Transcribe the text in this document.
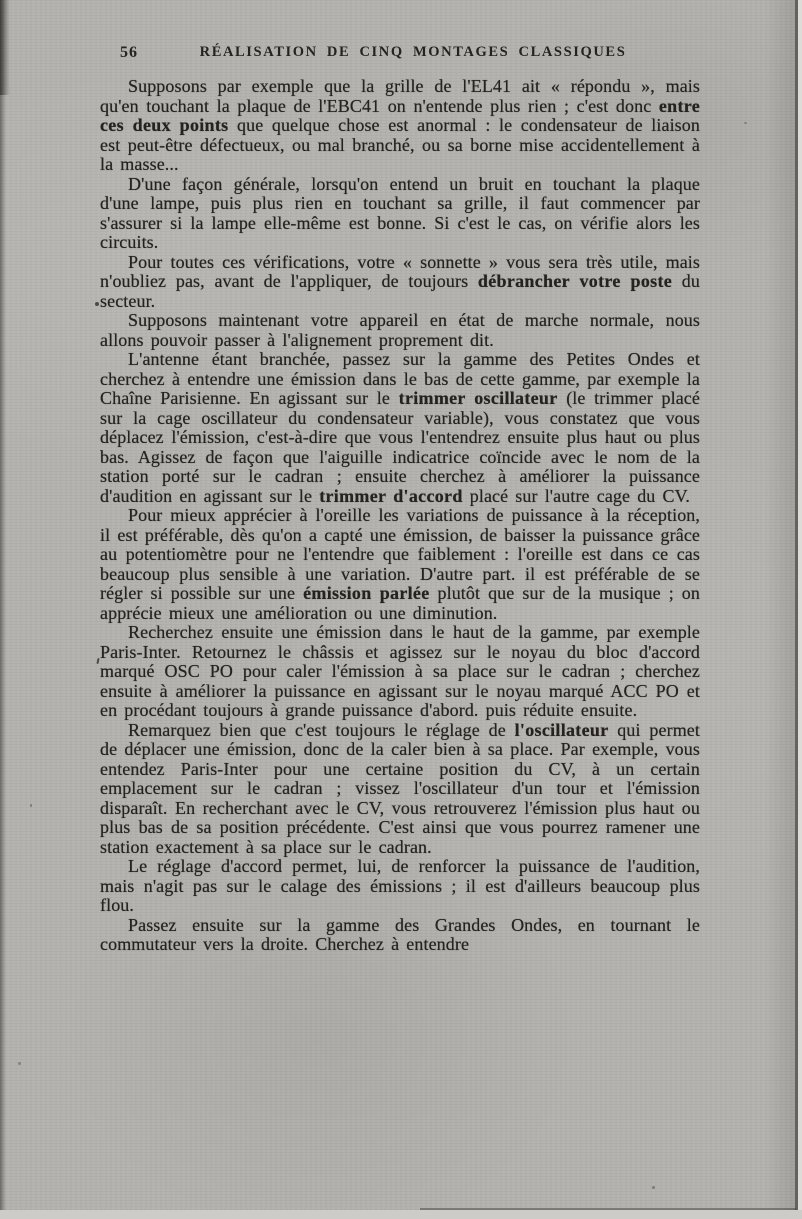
56	RÉALISATION DE CINQ MONTAGES CLASSIQUES

Supposons par exemple que la grille de l'EL41 ait « répondu », mais qu'en touchant la plaque de l'EBC41 on n'entende plus rien ; c'est donc entre ces deux points que quelque chose est anormal : le condensateur de liaison est peut-être défectueux, ou mal branché, ou sa borne mise accidentellement à la masse...

D'une façon générale, lorsqu'on entend un bruit en touchant la plaque d'une lampe, puis plus rien en touchant sa grille, il faut commencer par s'assurer si la lampe elle-même est bonne. Si c'est le cas, on vérifie alors les circuits.

Pour toutes ces vérifications, votre « sonnette » vous sera très utile, mais n'oubliez pas, avant de l'appliquer, de toujours débrancher votre poste du secteur.

Supposons maintenant votre appareil en état de marche normale, nous allons pouvoir passer à l'alignement proprement dit.

L'antenne étant branchée, passez sur la gamme des Petites Ondes et cherchez à entendre une émission dans le bas de cette gamme, par exemple la Chaîne Parisienne. En agissant sur le trimmer oscillateur (le trimmer placé sur la cage oscillateur du condensateur variable), vous constatez que vous déplacez l'émission, c'est-à-dire que vous l'entendrez ensuite plus haut ou plus bas. Agissez de façon que l'aiguille indicatrice coïncide avec le nom de la station porté sur le cadran ; ensuite cherchez à améliorer la puissance d'audition en agissant sur le trimmer d'accord placé sur l'autre cage du CV.

Pour mieux apprécier à l'oreille les variations de puissance à la réception, il est préférable, dès qu'on a capté une émission, de baisser la puissance grâce au potentiomètre pour ne l'entendre que faiblement : l'oreille est dans ce cas beaucoup plus sensible à une variation. D'autre part. il est préférable de se régler si possible sur une émission parlée plutôt que sur de la musique ; on apprécie mieux une amélioration ou une diminution.

Recherchez ensuite une émission dans le haut de la gamme, par exemple Paris-Inter. Retournez le châssis et agissez sur le noyau du bloc d'accord marqué OSC PO pour caler l'émission à sa place sur le cadran ; cherchez ensuite à améliorer la puissance en agissant sur le noyau marqué ACC PO et en procédant toujours à grande puissance d'abord. puis réduite ensuite.

Remarquez bien que c'est toujours le réglage de l'oscillateur qui permet de déplacer une émission, donc de la caler bien à sa place. Par exemple, vous entendez Paris-Inter pour une certaine position du CV, à un certain emplacement sur le cadran ; vissez l'oscillateur d'un tour et l'émission disparaît. En recherchant avec le CV, vous retrouverez l'émission plus haut ou plus bas de sa position précédente. C'est ainsi que vous pourrez ramener une station exactement à sa place sur le cadran.

Le réglage d'accord permet, lui, de renforcer la puissance de l'audition, mais n'agit pas sur le calage des émissions ; il est d'ailleurs beaucoup plus flou.

Passez ensuite sur la gamme des Grandes Ondes, en tournant le commutateur vers la droite. Cherchez à entendre
